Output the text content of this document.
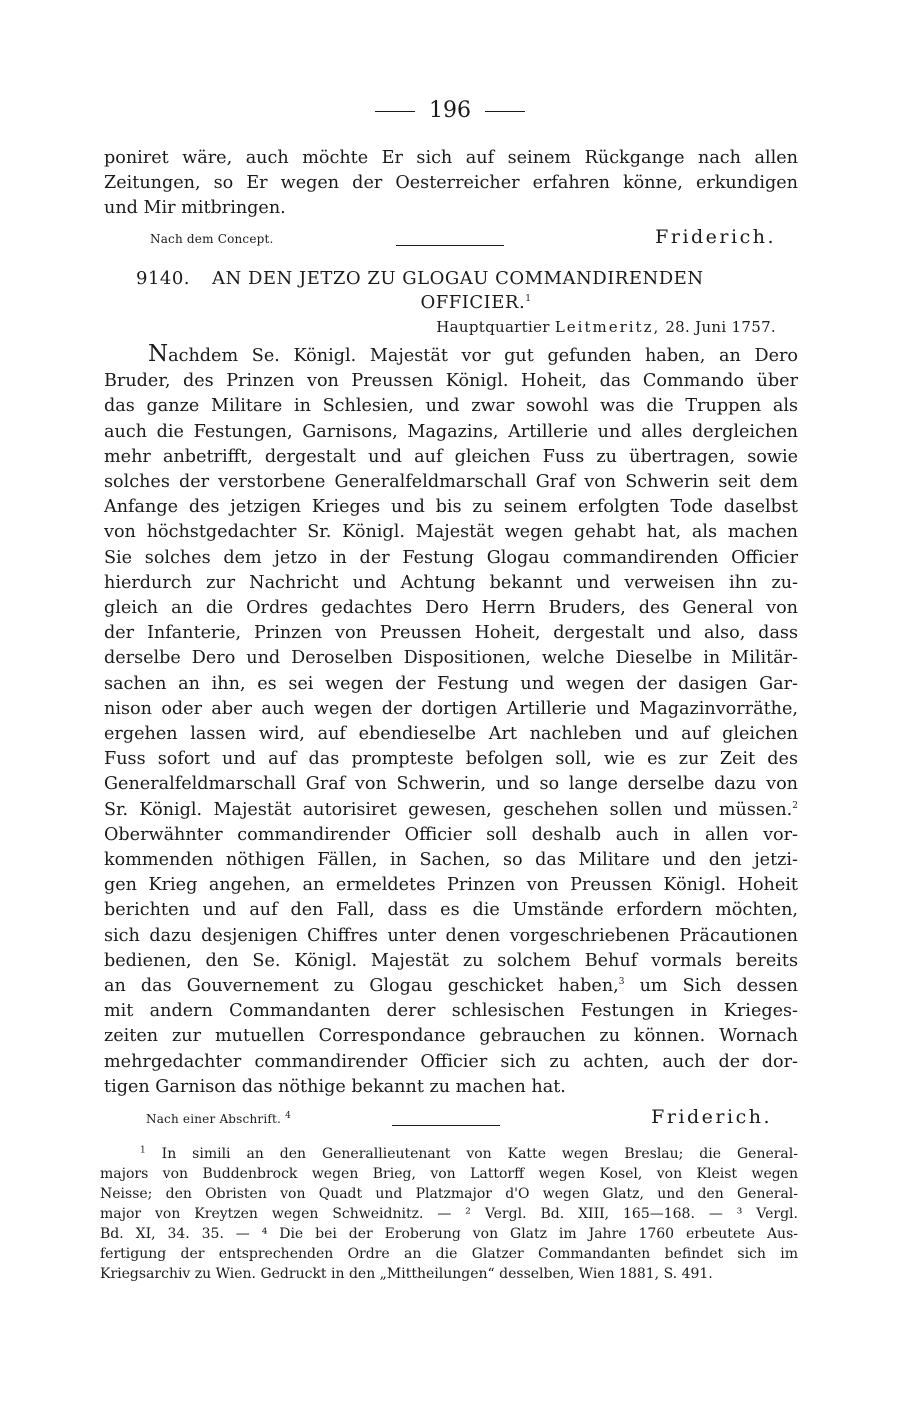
196
poniret wäre, auch möchte Er sich auf seinem Rückgange nach allen
Zeitungen, so Er wegen der Oesterreicher erfahren könne, erkundigen
und Mir mitbringen.
Nach dem Concept.	Friderich.
9140. AN DEN JETZO ZU GLOGAU COMMANDIRENDEN
OFFICIER.$^1$
Hauptquartier Leitmeritz, 28. Juni 1757.
Nachdem Se. Königl. Majestät vor gut gefunden haben, an Dero
Bruder, des Prinzen von Preussen Königl. Hoheit, das Commando über
das ganze Militare in Schlesien, und zwar sowohl was die Truppen als
auch die Festungen, Garnisons, Magazins, Artillerie und alles dergleichen
mehr anbetrifft, dergestalt und auf gleichen Fuss zu übertragen, sowie
solches der verstorbene Generalfeldmarschall Graf von Schwerin seit dem
Anfange des jetzigen Krieges und bis zu seinem erfolgten Tode daselbst
von höchstgedachter Sr. Königl. Majestät wegen gehabt hat, als machen
Sie solches dem jetzo in der Festung Glogau commandirenden Officier
hierdurch zur Nachricht und Achtung bekannt und verweisen ihn zu-
gleich an die Ordres gedachtes Dero Herrn Bruders, des General von
der Infanterie, Prinzen von Preussen Hoheit, dergestalt und also, dass
derselbe Dero und Deroselben Dispositionen, welche Dieselbe in Militär-
sachen an ihn, es sei wegen der Festung und wegen der dasigen Gar-
nison oder aber auch wegen der dortigen Artillerie und Magazinvorräthe,
ergehen lassen wird, auf ebendieselbe Art nachleben und auf gleichen
Fuss sofort und auf das prompteste befolgen soll, wie es zur Zeit des
Generalfeldmarschall Graf von Schwerin, und so lange derselbe dazu von
Sr. Königl. Majestät autorisiret gewesen, geschehen sollen und müssen.$^2$
Oberwähnter commandirender Officier soll deshalb auch in allen vor-
kommenden nöthigen Fällen, in Sachen, so das Militare und den jetzi-
gen Krieg angehen, an ermeldetes Prinzen von Preussen Königl. Hoheit
berichten und auf den Fall, dass es die Umstände erfordern möchten,
sich dazu desjenigen Chiffres unter denen vorgeschriebenen Präcautionen
bedienen, den Se. Königl. Majestät zu solchem Behuf vormals bereits
an das Gouvernement zu Glogau geschicket haben,$^3$ um Sich dessen
mit andern Commandanten derer schlesischen Festungen in Krieges-
zeiten zur mutuellen Correspondance gebrauchen zu können. Wornach
mehrgedachter commandirender Officier sich zu achten, auch der dor-
tigen Garnison das nöthige bekannt zu machen hat.
Nach einer Abschrift. $^4$	Friderich.
$^1$ In simili an den Generallieutenant von Katte wegen Breslau; die General-
majors von Buddenbrock wegen Brieg, von Lattorff wegen Kosel, von Kleist wegen
Neisse; den Obristen von Quadt und Platzmajor d'O wegen Glatz, und den General-
major von Kreytzen wegen Schweidnitz. — ² Vergl. Bd. XIII, 165—168. — ³ Vergl.
Bd. XI, 34. 35. — ⁴ Die bei der Eroberung von Glatz im Jahre 1760 erbeutete Aus-
fertigung der entsprechenden Ordre an die Glatzer Commandanten befindet sich im
Kriegsarchiv zu Wien. Gedruckt in den „Mittheilungen“ desselben, Wien 1881, S. 491.
